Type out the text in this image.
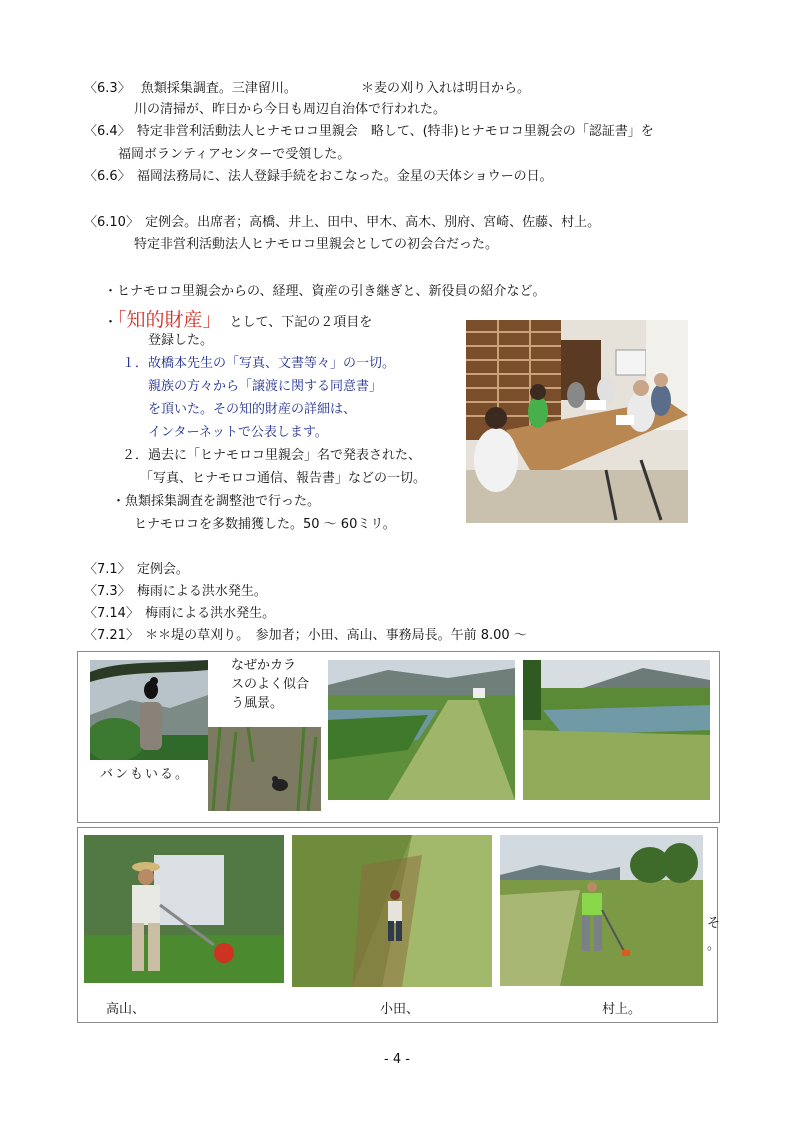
〈6.3〉 魚類採集調査。三津留川。	＊麦の刈り入れは明日から。
川の清掃が、昨日から今日も周辺自治体で行われた。
〈6.4〉 特定非営利活動法人ヒナモロコ里親会　略して、(特非)ヒナモロコ里親会の「認証書」を
福岡ボランティアセンターで受領した。
〈6.6〉 福岡法務局に、法人登録手続をおこなった。金星の天体ショウーの日。
〈6.10〉 定例会。出席者；高橋、井上、田中、甲木、高木、別府、宮崎、佐藤、村上。
特定非営利活動法人ヒナモロコ里親会としての初会合だった。
・ヒナモロコ里親会からの、経理、資産の引き継ぎと、新役員の紹介など。
・「知的財産」 として、下記の２項目を
登録した。
１．故橋本先生の「写真、文書等々」の一切。
親族の方々から「譲渡に関する同意書」
を頂いた。その知的財産の詳細は、
インターネットで公表します。
２．過去に「ヒナモロコ里親会」名で発表された、
「写真、ヒナモロコ通信、報告書」などの一切。
・魚類採集調査を調整池で行った。
ヒナモロコを多数捕獲した。50 ～ 60ミリ。
〈7.1〉 定例会。
〈7.3〉 梅雨による洪水発生。
〈7.14〉 梅雨による洪水発生。
〈7.21〉 ＊＊堤の草刈り。　参加者；小田、高山、事務局長。午前 8.00 ～
なぜかカラ
スのよく似合
う風景。
バンもいる。
高山、	小田、	村上。
そ
。
- 4 -
